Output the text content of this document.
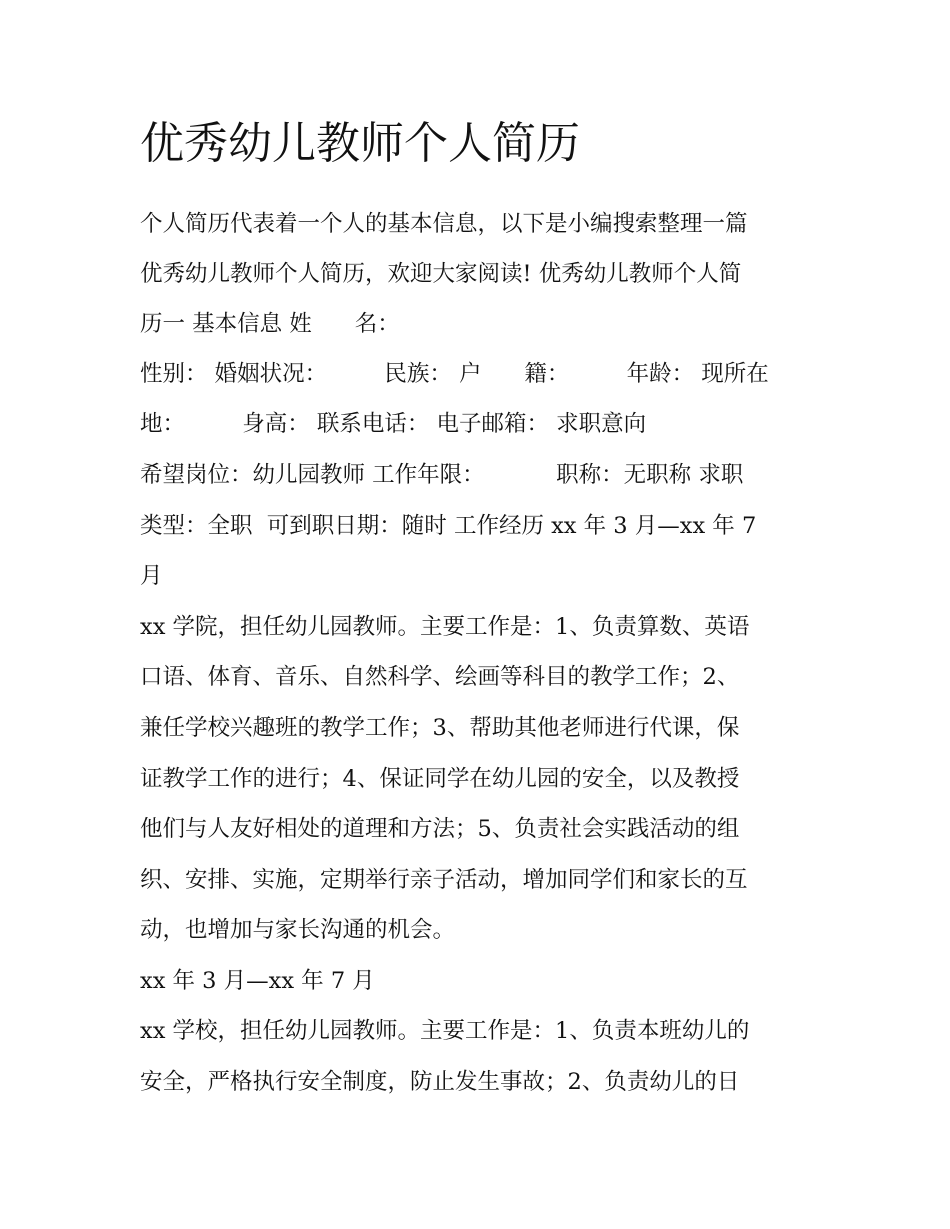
优秀幼儿教师个人简历
个人简历代表着一个人的基本信息，以下是小编搜索整理一篇
优秀幼儿教师个人简历，欢迎大家阅读! 优秀幼儿教师个人简
历一 基本信息 姓      名：
性别： 婚姻状况：        民族： 户      籍：        年龄： 现所在
地：        身高： 联系电话： 电子邮箱： 求职意向
希望岗位：幼儿园教师 工作年限：          职称：无职称 求职
类型：全职  可到职日期：随时 工作经历 xx 年 3 月—xx 年 7
月
xx 学院，担任幼儿园教师。主要工作是：1、负责算数、英语
口语、体育、音乐、自然科学、绘画等科目的教学工作；2、
兼任学校兴趣班的教学工作；3、帮助其他老师进行代课，保
证教学工作的进行；4、保证同学在幼儿园的安全，以及教授
他们与人友好相处的道理和方法；5、负责社会实践活动的组
织、安排、实施，定期举行亲子活动，增加同学们和家长的互
动，也增加与家长沟通的机会。
xx 年 3 月—xx 年 7 月
xx 学校，担任幼儿园教师。主要工作是：1、负责本班幼儿的
安全，严格执行安全制度，防止发生事故；2、负责幼儿的日
